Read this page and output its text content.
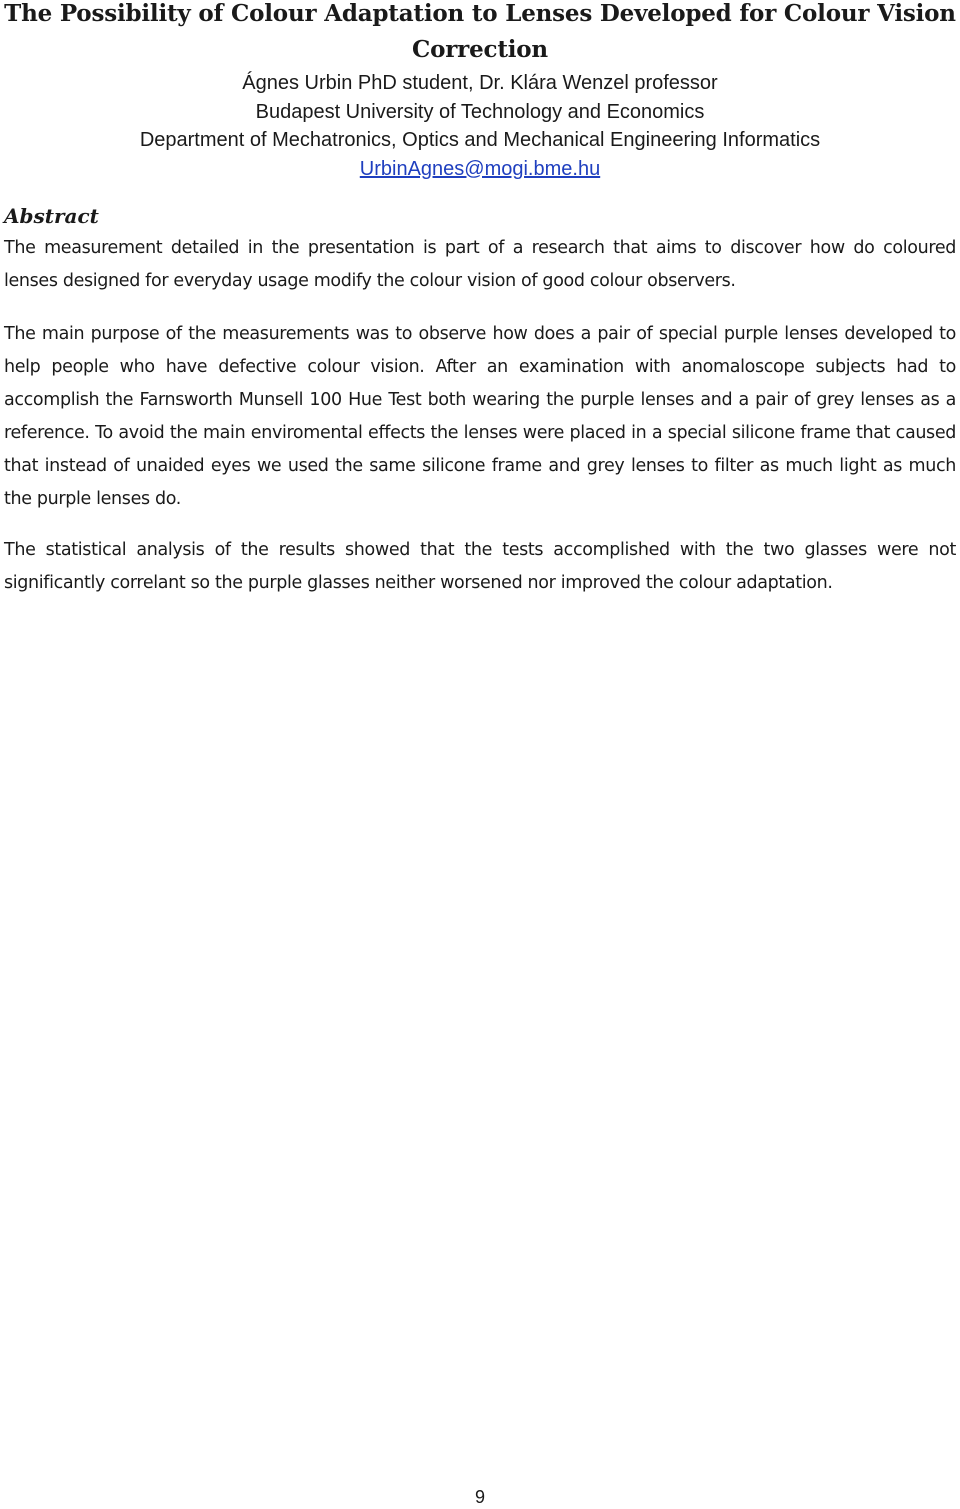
The Possibility of Colour Adaptation to Lenses Developed for Colour Vision Correction
Ágnes Urbin PhD student, Dr. Klára Wenzel professor
Budapest University of Technology and Economics
Department of Mechatronics, Optics and Mechanical Engineering Informatics
UrbinAgnes@mogi.bme.hu
Abstract

The measurement detailed in the presentation is part of a research that aims to discover how do coloured lenses designed for everyday usage modify the colour vision of good colour observers.

The main purpose of the measurements was to observe how does a pair of special purple lenses developed to help people who have defective colour vision. After an examination with anomaloscope subjects had to accomplish the Farnsworth Munsell 100 Hue Test both wearing the purple lenses and a pair of grey lenses as a reference. To avoid the main enviromental effects the lenses were placed in a special silicone frame that caused that instead of unaided eyes we used the same silicone frame and grey lenses to filter as much light as much the purple lenses do.

The statistical analysis of the results showed that the tests accomplished with the two glasses were not significantly correlant so the purple glasses neither worsened nor improved the colour adaptation.

9
